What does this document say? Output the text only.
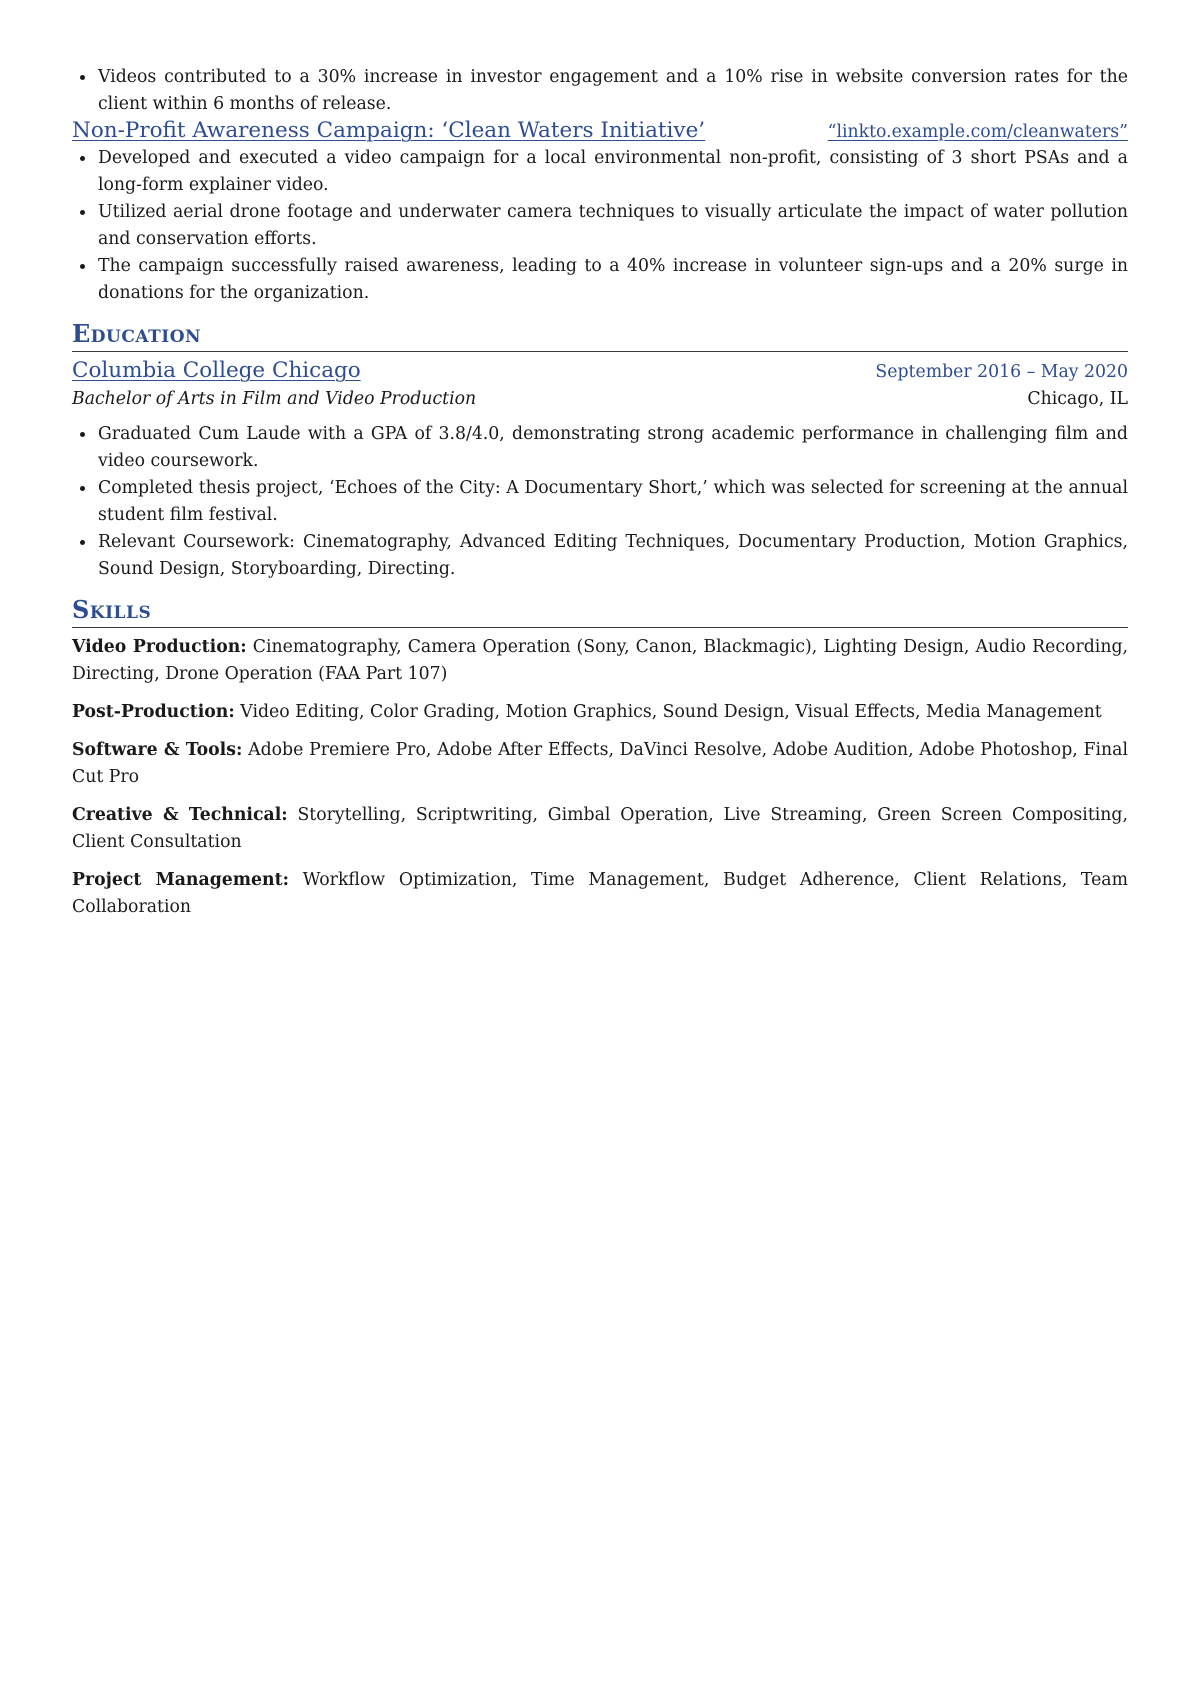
Videos contributed to a 30% increase in investor engagement and a 10% rise in website conversion rates for the client within 6 months of release.
Non-Profit Awareness Campaign: ‘Clean Waters Initiative’	“linkto.example.com/cleanwaters”
Developed and executed a video campaign for a local environmental non-profit, consisting of 3 short PSAs and a long-form explainer video.
Utilized aerial drone footage and underwater camera techniques to visually articulate the impact of water pollution and conservation efforts.
The campaign successfully raised awareness, leading to a 40% increase in volunteer sign-ups and a 20% surge in donations for the organization.
Education
Columbia College Chicago	September 2016 – May 2020
Bachelor of Arts in Film and Video Production	Chicago, IL
Graduated Cum Laude with a GPA of 3.8/4.0, demonstrating strong academic performance in challenging film and video coursework.
Completed thesis project, ‘Echoes of the City: A Documentary Short,’ which was selected for screening at the annual student film festival.
Relevant Coursework: Cinematography, Advanced Editing Techniques, Documentary Production, Motion Graphics, Sound Design, Storyboarding, Directing.
Skills
Video Production: Cinematography, Camera Operation (Sony, Canon, Blackmagic), Lighting Design, Audio Recording, Directing, Drone Operation (FAA Part 107)
Post-Production: Video Editing, Color Grading, Motion Graphics, Sound Design, Visual Effects, Media Management
Software & Tools: Adobe Premiere Pro, Adobe After Effects, DaVinci Resolve, Adobe Audition, Adobe Photoshop, Final Cut Pro
Creative & Technical: Storytelling, Scriptwriting, Gimbal Operation, Live Streaming, Green Screen Compositing, Client Consultation
Project Management: Workflow Optimization, Time Management, Budget Adherence, Client Relations, Team Collaboration
